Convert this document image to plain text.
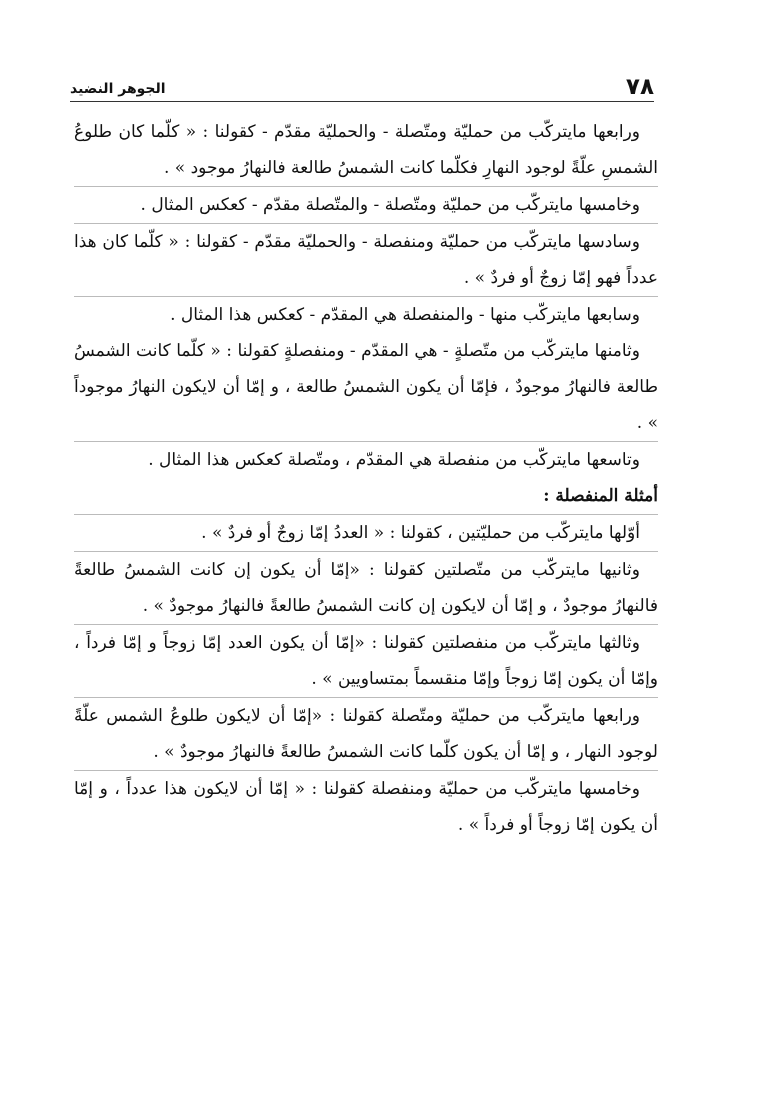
٧٨
الجوهر النضيد

ورابعها مايتركّب من حمليّة ومتّصلة - والحمليّة مقدّم - كقولنا : « كلّما كان طلوعُ الشمسِ علّةً لوجود النهارِ فكلّما كانت الشمسُ طالعة فالنهارُ موجود » .

وخامسها مايتركّب من حمليّة ومتّصلة - والمتّصلة مقدّم - كعكس المثال .

وسادسها مايتركّب من حمليّة ومنفصلة - والحمليّة مقدّم - كقولنا : « كلّما كان هذا عدداً فهو إمّا زوجٌ أو فردٌ » .

وسابعها مايتركّب منها - والمنفصلة هي المقدّم - كعكس هذا المثال .

وثامنها مايتركّب من متّصلةٍ - هي المقدّم - ومنفصلةٍ كقولنا : « كلّما كانت الشمسُ طالعة فالنهارُ موجودٌ ، فإمّا أن يكون الشمسُ طالعة ، و إمّا أن لايكون النهارُ موجوداً » .

وتاسعها مايتركّب من منفصلة هي المقدّم ، ومتّصلة كعكس هذا المثال .

أمثلة المنفصلة :

أوّلها مايتركّب من حمليّتين ، كقولنا : « العددُ إمّا زوجٌ أو فردٌ » .

وثانيها مايتركّب من متّصلتين كقولنا : «إمّا أن يكون إن كانت الشمسُ طالعةً فالنهارُ موجودٌ ، و إمّا أن لايكون إن كانت الشمسُ طالعةً فالنهارُ موجودٌ » .

وثالثها مايتركّب من منفصلتين كقولنا : «إمّا أن يكون العدد إمّا زوجاً و إمّا فرداً ، وإمّا أن يكون إمّا زوجاً وإمّا منقسماً بمتساويين » .

ورابعها مايتركّب من حمليّة ومتّصلة كقولنا : «إمّا أن لايكون طلوعُ الشمس علّةً لوجود النهار ، و إمّا أن يكون كلّما كانت الشمسُ طالعةً فالنهارُ موجودٌ » .

وخامسها مايتركّب من حمليّة ومنفصلة كقولنا : « إمّا أن لايكون هذا عدداً ، و إمّا أن يكون إمّا زوجاً أو فرداً » .
